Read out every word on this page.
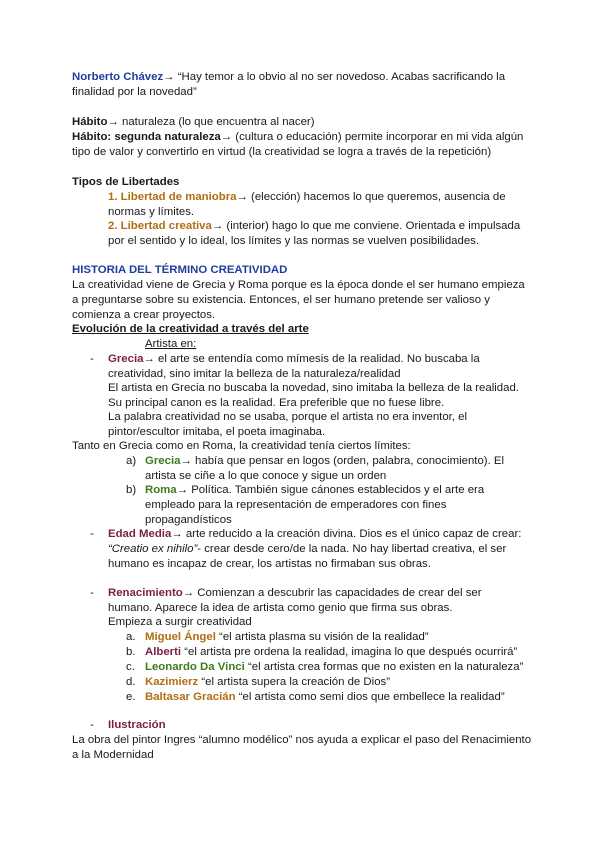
Norberto Chávez→ “Hay temor a lo obvio al no ser novedoso. Acabas sacrificando la finalidad por la novedad”

Hábito→ naturaleza (lo que encuentra al nacer)

Hábito: segunda naturaleza→ (cultura o educación) permite incorporar en mi vida algún tipo de valor y convertirlo en virtud (la creatividad se logra a través de la repetición)

Tipos de Libertades

1. Libertad de maniobra→ (elección) hacemos lo que queremos, ausencia de normas y límites.

2. Libertad creativa→ (interior) hago lo que me conviene. Orientada e impulsada por el sentido y lo ideal, los límites y las normas se vuelven posibilidades.

HISTORIA DEL TÉRMINO CREATIVIDAD

La creatividad viene de Grecia y Roma porque es la época donde el ser humano empieza a preguntarse sobre su existencia. Entonces, el ser humano pretende ser valioso y comienza a crear proyectos.

Evolución de la creatividad a través del arte

Artista en:

- Grecia→ el arte se entendía como mímesis de la realidad. No buscaba la creatividad, sino imitar la belleza de la naturaleza/realidad

El artista en Grecia no buscaba la novedad, sino imitaba la belleza de la realidad. Su principal canon es la realidad. Era preferible que no fuese libre.

La palabra creatividad no se usaba, porque el artista no era inventor, el pintor/escultor imitaba, el poeta imaginaba.

Tanto en Grecia como en Roma, la creatividad tenía ciertos límites:

a) Grecia→ había que pensar en logos (orden, palabra, conocimiento). El artista se ciñe a lo que conoce y sigue un orden

b) Roma→ Política. También sigue cánones establecidos y el arte era empleado para la representación de emperadores con fines propagandísticos

- Edad Media→ arte reducido a la creación divina. Dios es el único capaz de crear: “Creatio ex nihilo”- crear desde cero/de la nada. No hay libertad creativa, el ser humano es incapaz de crear, los artistas no firmaban sus obras.

- Renacimiento→ Comienzan a descubrir las capacidades de crear del ser humano. Aparece la idea de artista como genio que firma sus obras.

Empieza a surgir creatividad

a. Miguel Ángel “el artista plasma su visión de la realidad”

b. Alberti “el artista pre ordena la realidad, imagina lo que después ocurrirá”

c. Leonardo Da Vinci “el artista crea formas que no existen en la naturaleza”

d. Kazimierz “el artista supera la creación de Dios”

e. Baltasar Gracián “el artista como semi dios que embellece la realidad”

- Ilustración

La obra del pintor Ingres “alumno modélico” nos ayuda a explicar el paso del Renacimiento a la Modernidad
